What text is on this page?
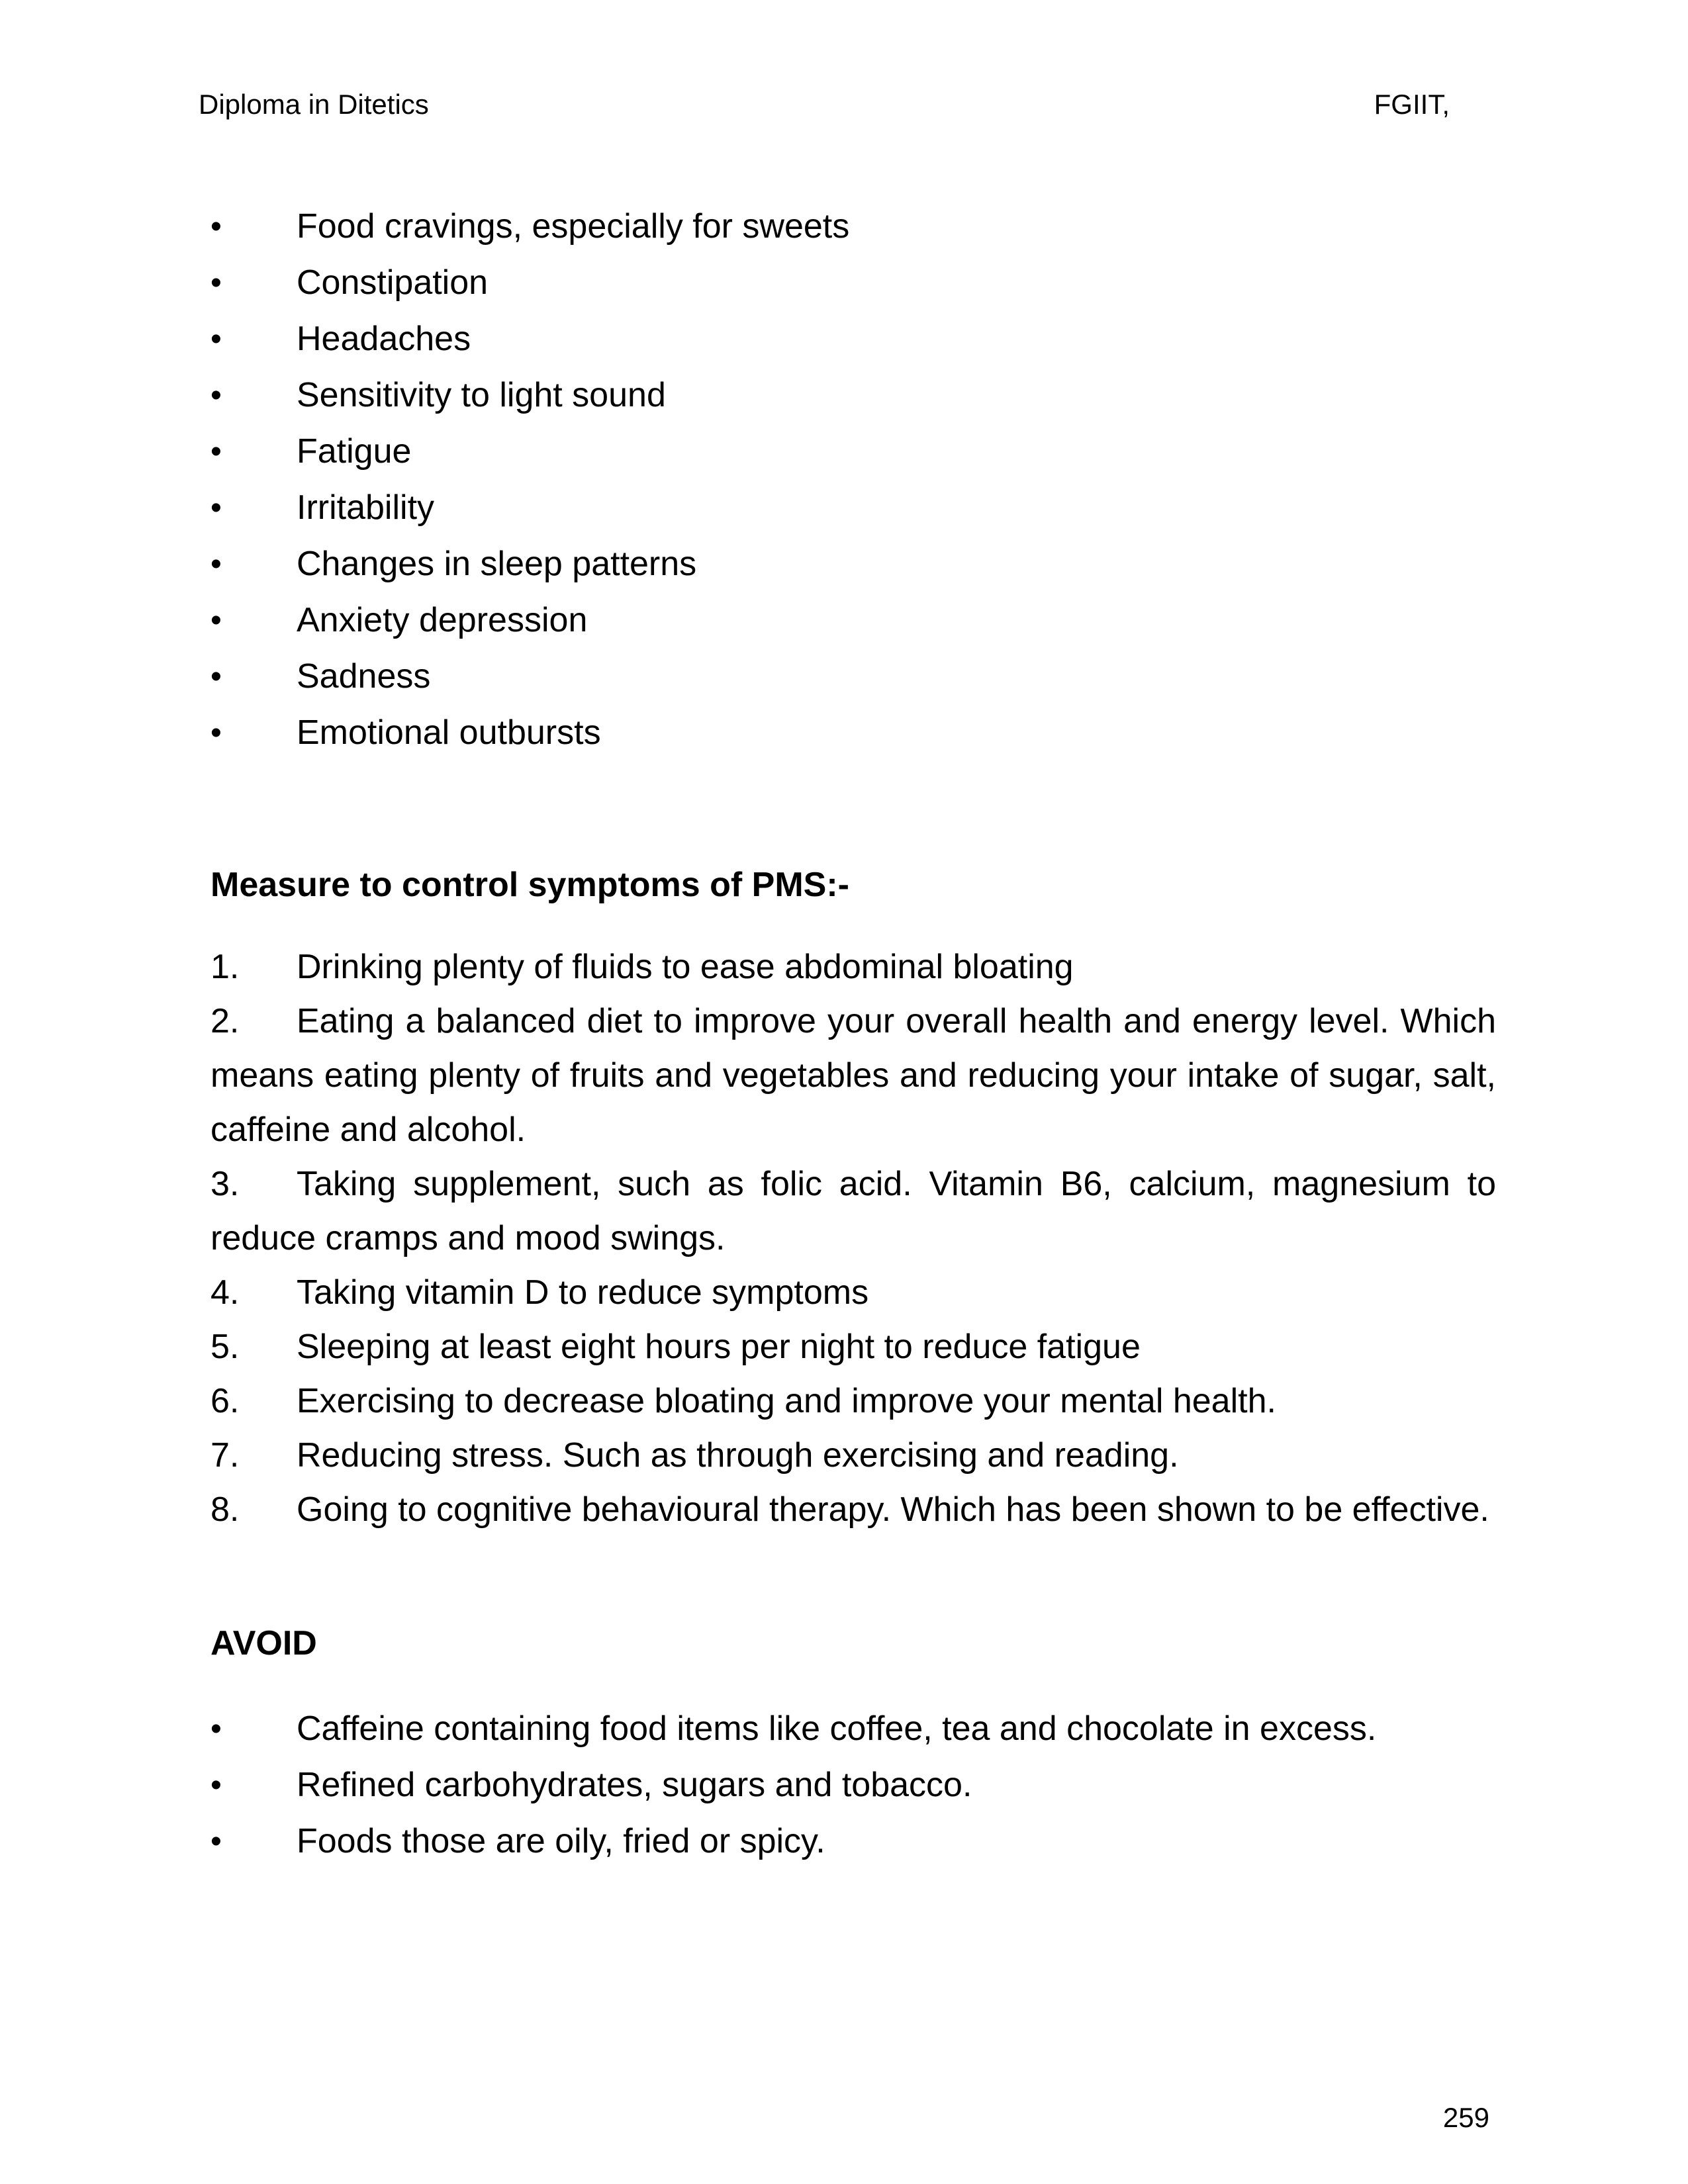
Diploma in Ditetics	FGIIT,
•	Food cravings, especially for sweets
•	Constipation
•	Headaches
•	Sensitivity to light sound
•	Fatigue
•	Irritability
•	Changes in sleep patterns
•	Anxiety depression
•	Sadness
•	Emotional outbursts
Measure to control symptoms of PMS:-
1. Drinking plenty of fluids to ease abdominal bloating
2. Eating a balanced diet to improve your overall health and energy level. Which means eating plenty of fruits and vegetables and reducing your intake of sugar, salt, caffeine and alcohol.
3. Taking supplement, such as folic acid. Vitamin B6, calcium, magnesium to reduce cramps and mood swings.
4. Taking vitamin D to reduce symptoms
5. Sleeping at least eight hours per night to reduce fatigue
6. Exercising to decrease bloating and improve your mental health.
7. Reducing stress. Such as through exercising and reading.
8. Going to cognitive behavioural therapy. Which has been shown to be effective.
AVOID
•	Caffeine containing food items like coffee, tea and chocolate in excess.
•	Refined carbohydrates, sugars and tobacco.
•	Foods those are oily, fried or spicy.
259
